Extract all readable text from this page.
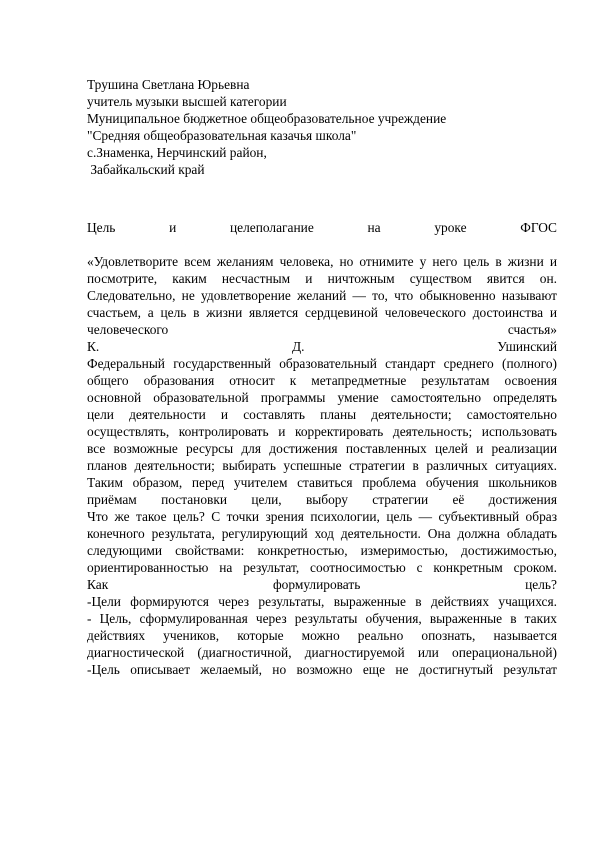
Трушина Светлана Юрьевна
учитель музыки высшей категории
Муниципальное бюджетное общеобразовательное учреждение
"Средняя общеобразовательная казачья школа"
с.Знаменка, Нерчинский район,
Забайкальский край
Цель и целеполагание на уроке ФГОС
«Удовлетворите всем желаниям человека, но отнимите у него цель в жизни и
посмотрите, каким несчастным и ничтожным существом явится он.
Следовательно, не удовлетворение желаний — то, что обыкновенно называют
счастьем, а цель в жизни является сердцевиной человеческого достоинства и
человеческого счастья»
К. Д. Ушинский
Федеральный государственный образовательный стандарт среднего (полного)
общего образования относит к метапредметные результатам освоения
основной образовательной программы умение самостоятельно определять
цели деятельности и составлять планы деятельности; самостоятельно
осуществлять, контролировать и корректировать деятельность; использовать
все возможные ресурсы для достижения поставленных целей и реализации
планов деятельности; выбирать успешные стратегии в различных ситуациях.
Таким образом, перед учителем ставиться проблема обучения школьников
приёмам постановки цели, выбору стратегии её достижения
Что же такое цель? С точки зрения психологии, цель — субъективный образ
конечного результата, регулирующий ход деятельности. Она должна обладать
следующими свойствами: конкретностью, измеримостью, достижимостью,
ориентированностью на результат, соотносимостью с конкретным сроком.
Как формулировать цель?
-Цели формируются через результаты, выраженные в действиях учащихся.
- Цель, сформулированная через результаты обучения, выраженные в таких
действиях учеников, которые можно реально опознать, называется
диагностической (диагностичной, диагностируемой или операциональной)
-Цель описывает желаемый, но возможно еще не достигнутый результат
